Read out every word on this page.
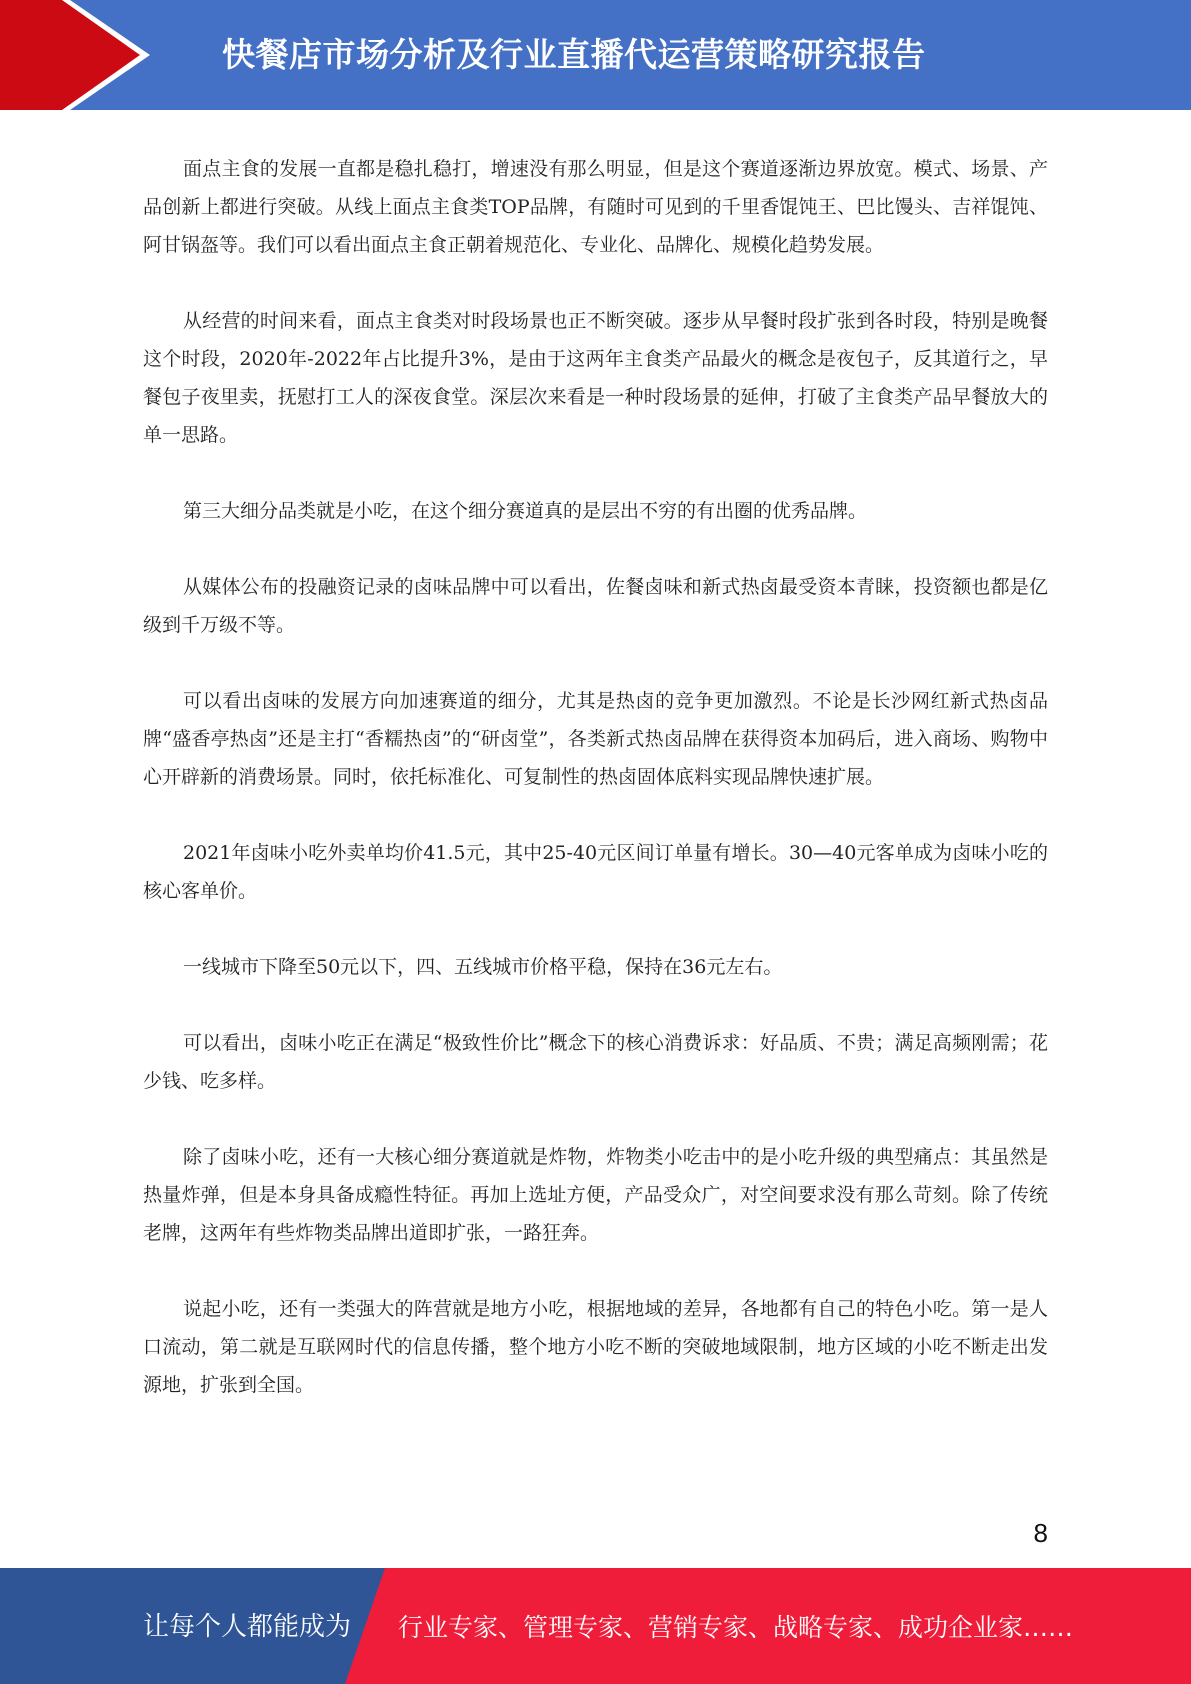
快餐店市场分析及行业直播代运营策略研究报告

面点主食的发展一直都是稳扎稳打，增速没有那么明显，但是这个赛道逐渐边界放宽。模式、场景、产品创新上都进行突破。从线上面点主食类TOP品牌，有随时可见到的千里香馄饨王、巴比馒头、吉祥馄饨、阿甘锅盔等。我们可以看出面点主食正朝着规范化、专业化、品牌化、规模化趋势发展。

从经营的时间来看，面点主食类对时段场景也正不断突破。逐步从早餐时段扩张到各时段，特别是晚餐这个时段，2020年-2022年占比提升3%，是由于这两年主食类产品最火的概念是夜包子，反其道行之，早餐包子夜里卖，抚慰打工人的深夜食堂。深层次来看是一种时段场景的延伸，打破了主食类产品早餐放大的单一思路。

第三大细分品类就是小吃，在这个细分赛道真的是层出不穷的有出圈的优秀品牌。

从媒体公布的投融资记录的卤味品牌中可以看出，佐餐卤味和新式热卤最受资本青睐，投资额也都是亿级到千万级不等。

可以看出卤味的发展方向加速赛道的细分，尤其是热卤的竞争更加激烈。不论是长沙网红新式热卤品牌“盛香亭热卤”还是主打“香糯热卤”的“研卤堂”，各类新式热卤品牌在获得资本加码后，进入商场、购物中心开辟新的消费场景。同时，依托标准化、可复制性的热卤固体底料实现品牌快速扩展。

2021年卤味小吃外卖单均价41.5元，其中25-40元区间订单量有增长。30—40元客单成为卤味小吃的核心客单价。

一线城市下降至50元以下，四、五线城市价格平稳，保持在36元左右。

可以看出，卤味小吃正在满足“极致性价比”概念下的核心消费诉求：好品质、不贵；满足高频刚需；花少钱、吃多样。

除了卤味小吃，还有一大核心细分赛道就是炸物，炸物类小吃击中的是小吃升级的典型痛点：其虽然是热量炸弹，但是本身具备成瘾性特征。再加上选址方便，产品受众广，对空间要求没有那么苛刻。除了传统老牌，这两年有些炸物类品牌出道即扩张，一路狂奔。

说起小吃，还有一类强大的阵营就是地方小吃，根据地域的差异，各地都有自己的特色小吃。第一是人口流动，第二就是互联网时代的信息传播，整个地方小吃不断的突破地域限制，地方区域的小吃不断走出发源地，扩张到全国。

8
让每个人都能成为 行业专家、管理专家、营销专家、战略专家、成功企业家……
